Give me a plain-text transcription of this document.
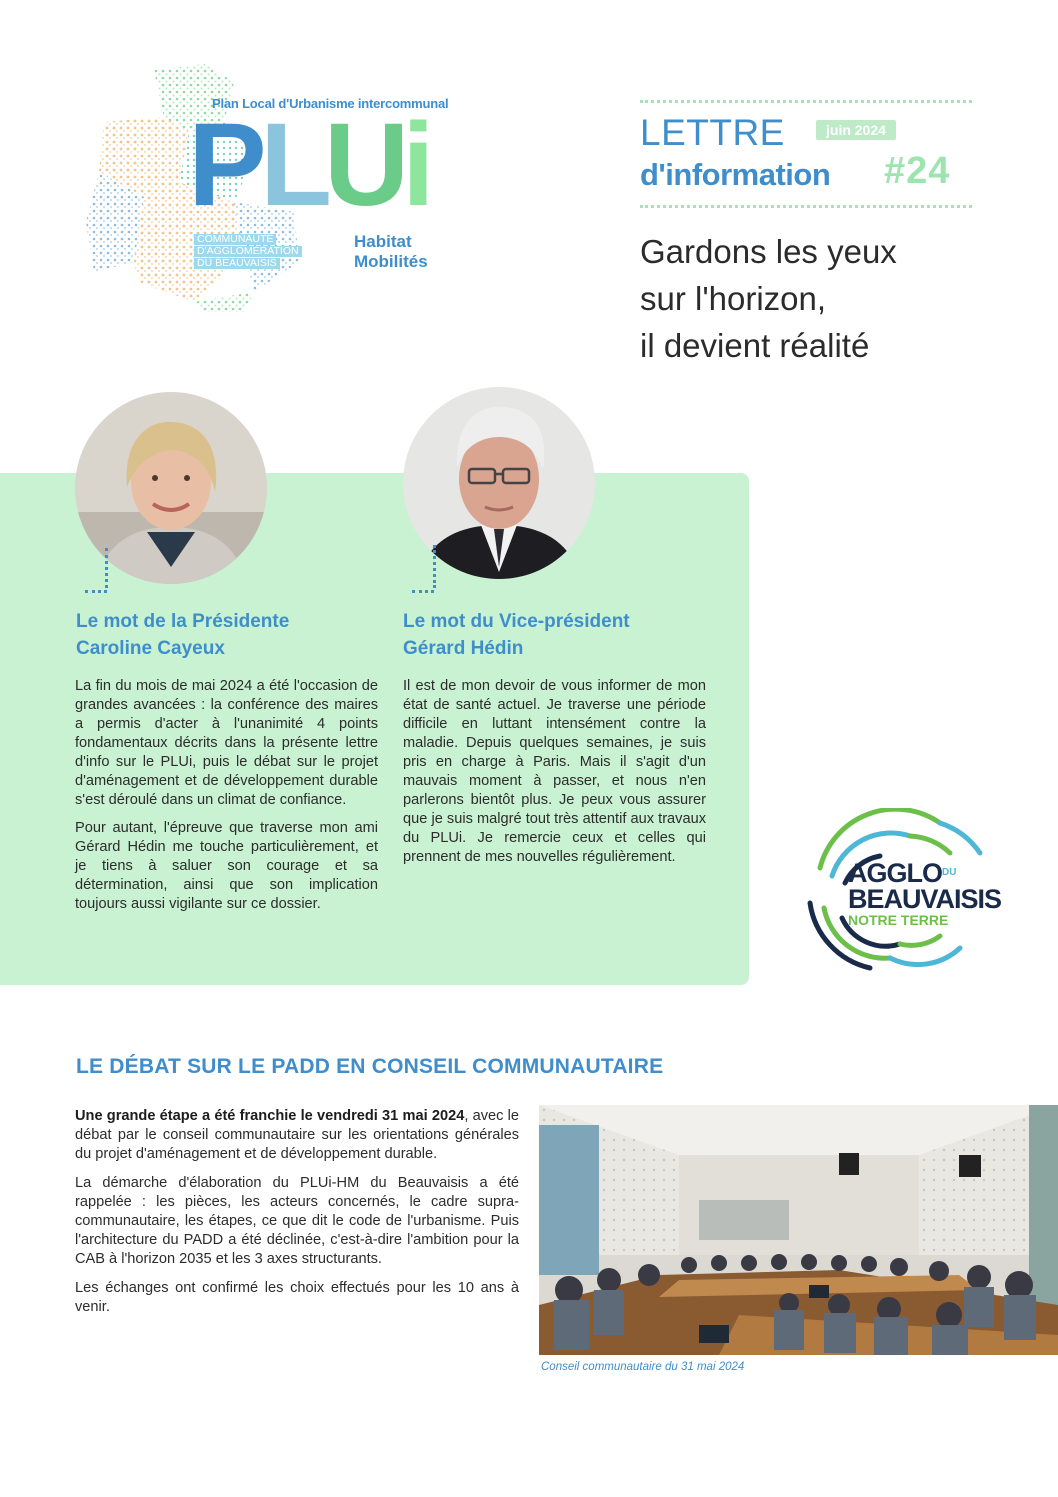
Plan Local d'Urbanisme intercommunal
P
L
U
i
COMMUNAUTÉ
D'AGGLOMÉRATION
DU BEAUVAISIS
Habitat
Mobilités
LETTRE	juin 2024
d'information #24
Gardons les yeux
sur l'horizon,
il devient réalité
Le mot de la Présidente
Caroline Cayeux

La fin du mois de mai 2024 a été l'occasion de grandes avancées : la conférence des maires a permis d'acter à l'unanimité 4 points fondamentaux décrits dans la présente lettre d'info sur le PLUi, puis le débat sur le projet d'aménagement et de développement durable s'est déroulé dans un climat de confiance.

Pour autant, l'épreuve que traverse mon ami Gérard Hédin me touche particulièrement, et je tiens à saluer son courage et sa détermination, ainsi que son implication toujours aussi vigilante sur ce dossier.

Le mot du Vice-président
Gérard Hédin

Il est de mon devoir de vous informer de mon état de santé actuel. Je traverse une période difficile en luttant intensément contre la maladie. Depuis quelques semaines, je suis pris en charge à Paris. Mais il s'agit d'un mauvais moment à passer, et nous n'en parlerons bientôt plus. Je peux vous assurer que je suis malgré tout très attentif aux travaux du PLUi. Je remercie ceux et celles qui prennent de mes nouvelles régulièrement.

$AGGLO^{DU}$
BEAUVAISIS
NOTRE TERRE
LE DÉBAT SUR LE PADD EN CONSEIL COMMUNAUTAIRE

Une grande étape a été franchie le vendredi 31 mai 2024, avec le débat par le conseil communautaire sur les orientations générales du projet d'aménagement et de développement durable.

La démarche d'élaboration du PLUi-HM du Beauvaisis a été rappelée : les pièces, les acteurs concernés, le cadre supra-communautaire, les étapes, ce que dit le code de l'urbanisme. Puis l'architecture du PADD a été déclinée, c'est-à-dire l'ambition pour la CAB à l'horizon 2035 et les 3 axes structurants.

Les échanges ont confirmé les choix effectués pour les 10 ans à venir.

Conseil communautaire du 31 mai 2024
